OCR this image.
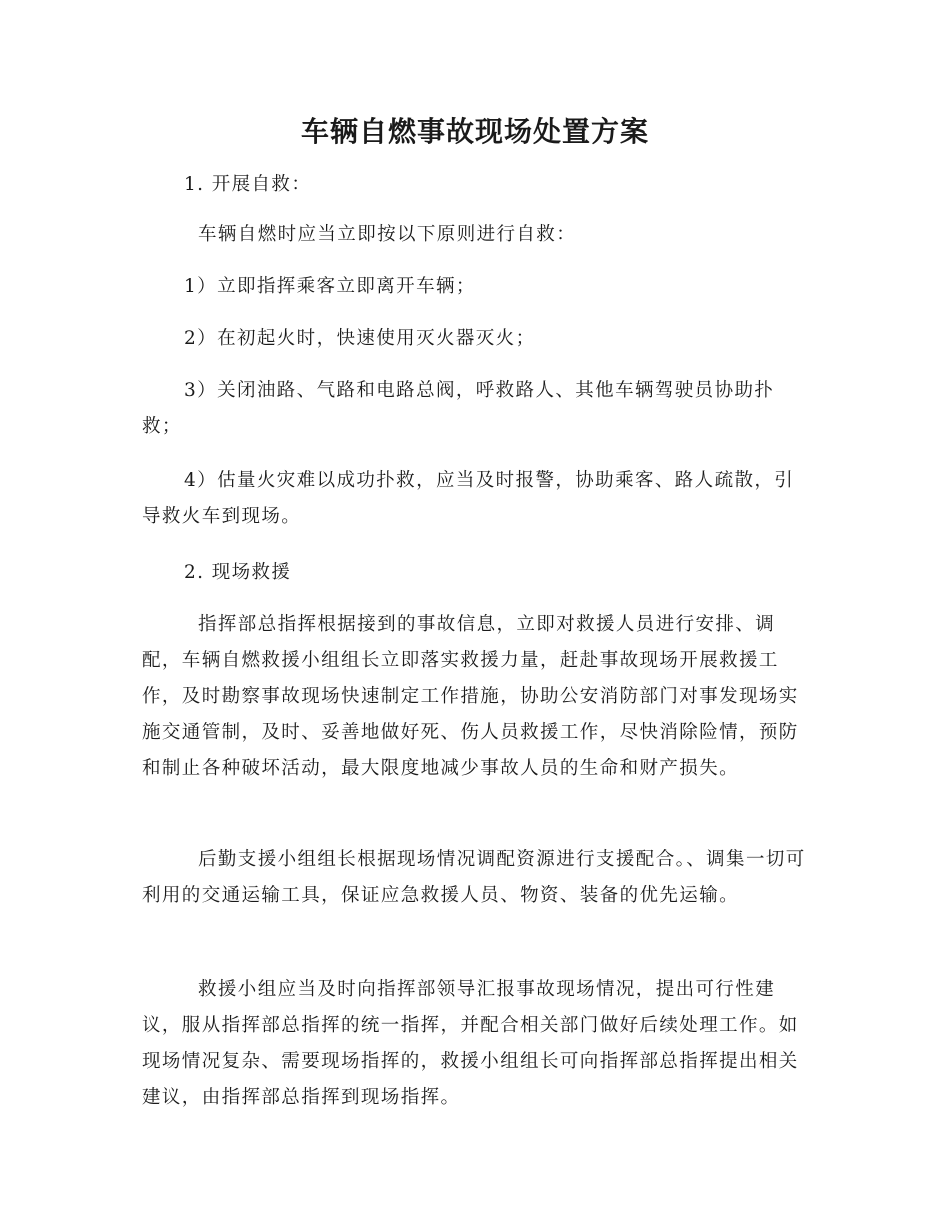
车辆自燃事故现场处置方案

1. 开展自救：

车辆自燃时应当立即按以下原则进行自救：

1）立即指挥乘客立即离开车辆；

2）在初起火时，快速使用灭火器灭火；

3）关闭油路、气路和电路总阀，呼救路人、其他车辆驾驶员协助扑救；

4）估量火灾难以成功扑救，应当及时报警，协助乘客、路人疏散，引导救火车到现场。

2. 现场救援

指挥部总指挥根据接到的事故信息，立即对救援人员进行安排、调配，车辆自燃救援小组组长立即落实救援力量，赶赴事故现场开展救援工作，及时勘察事故现场快速制定工作措施，协助公安消防部门对事发现场实施交通管制，及时、妥善地做好死、伤人员救援工作，尽快消除险情，预防和制止各种破坏活动，最大限度地减少事故人员的生命和财产损失。

后勤支援小组组长根据现场情况调配资源进行支援配合。、调集一切可利用的交通运输工具，保证应急救援人员、物资、装备的优先运输。

救援小组应当及时向指挥部领导汇报事故现场情况，提出可行性建议，服从指挥部总指挥的统一指挥，并配合相关部门做好后续处理工作。如现场情况复杂、需要现场指挥的，救援小组组长可向指挥部总指挥提出相关建议，由指挥部总指挥到现场指挥。
